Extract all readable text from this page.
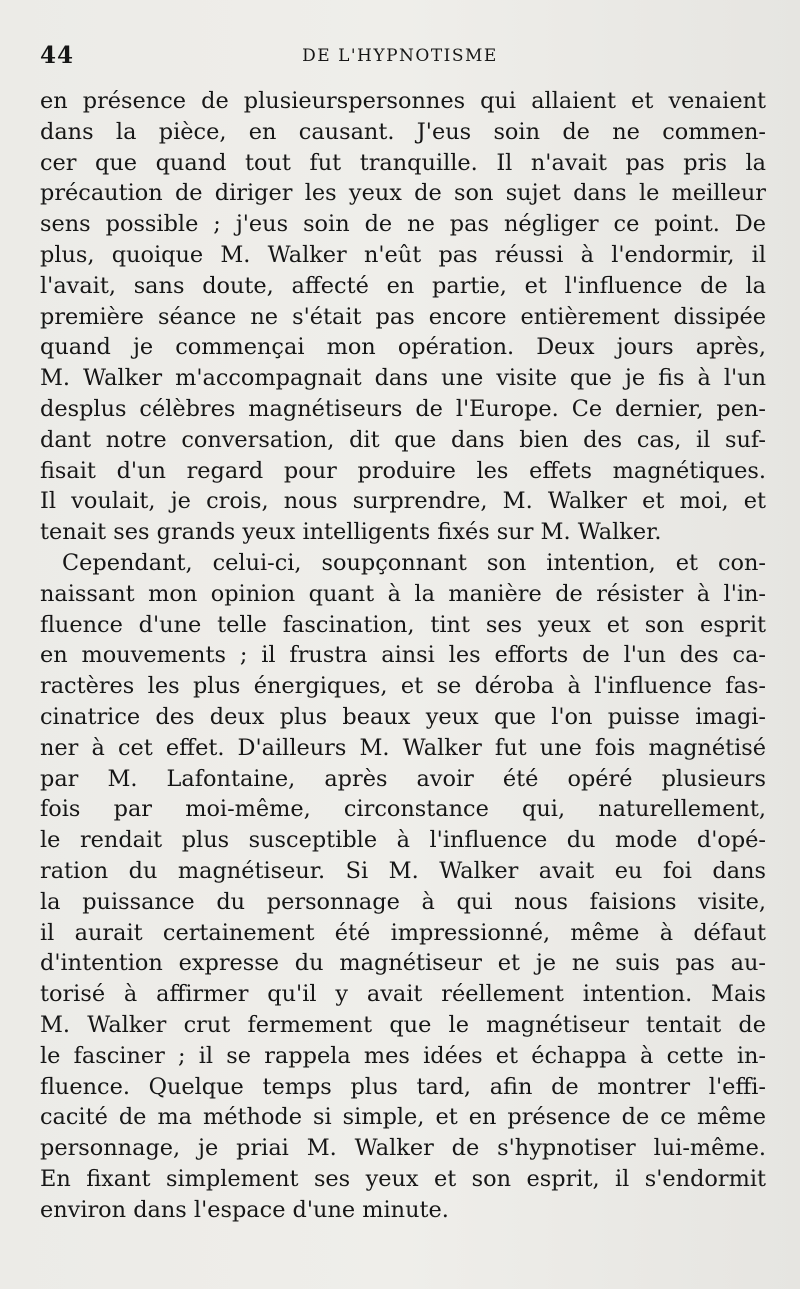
44	DE L'HYPNOTISME
en présence de plusieurspersonnes qui allaient et venaient
dans la pièce, en causant. J'eus soin de ne commen-
cer que quand tout fut tranquille. Il n'avait pas pris la
précaution de diriger les yeux de son sujet dans le meilleur
sens possible ; j'eus soin de ne pas négliger ce point. De
plus, quoique M. Walker n'eût pas réussi à l'endormir, il
l'avait, sans doute, affecté en partie, et l'influence de la
première séance ne s'était pas encore entièrement dissipée
quand je commençai mon opération. Deux jours après,
M. Walker m'accompagnait dans une visite que je fis à l'un
desplus célèbres magnétiseurs de l'Europe. Ce dernier, pen-
dant notre conversation, dit que dans bien des cas, il suf-
fisait d'un regard pour produire les effets magnétiques.
Il voulait, je crois, nous surprendre, M. Walker et moi, et
tenait ses grands yeux intelligents fixés sur M. Walker.
Cependant, celui-ci, soupçonnant son intention, et con-
naissant mon opinion quant à la manière de résister à l'in-
fluence d'une telle fascination, tint ses yeux et son esprit
en mouvements ; il frustra ainsi les efforts de l'un des ca-
ractères les plus énergiques, et se déroba à l'influence fas-
cinatrice des deux plus beaux yeux que l'on puisse imagi-
ner à cet effet. D'ailleurs M. Walker fut une fois magnétisé
par M. Lafontaine, après avoir été opéré plusieurs
fois par moi-même, circonstance qui, naturellement,
le rendait plus susceptible à l'influence du mode d'opé-
ration du magnétiseur. Si M. Walker avait eu foi dans
la puissance du personnage à qui nous faisions visite,
il aurait certainement été impressionné, même à défaut
d'intention expresse du magnétiseur et je ne suis pas au-
torisé à affirmer qu'il y avait réellement intention. Mais
M. Walker crut fermement que le magnétiseur tentait de
le fasciner ; il se rappela mes idées et échappa à cette in-
fluence. Quelque temps plus tard, afin de montrer l'effi-
cacité de ma méthode si simple, et en présence de ce même
personnage, je priai M. Walker de s'hypnotiser lui-même.
En fixant simplement ses yeux et son esprit, il s'endormit
environ dans l'espace d'une minute.
